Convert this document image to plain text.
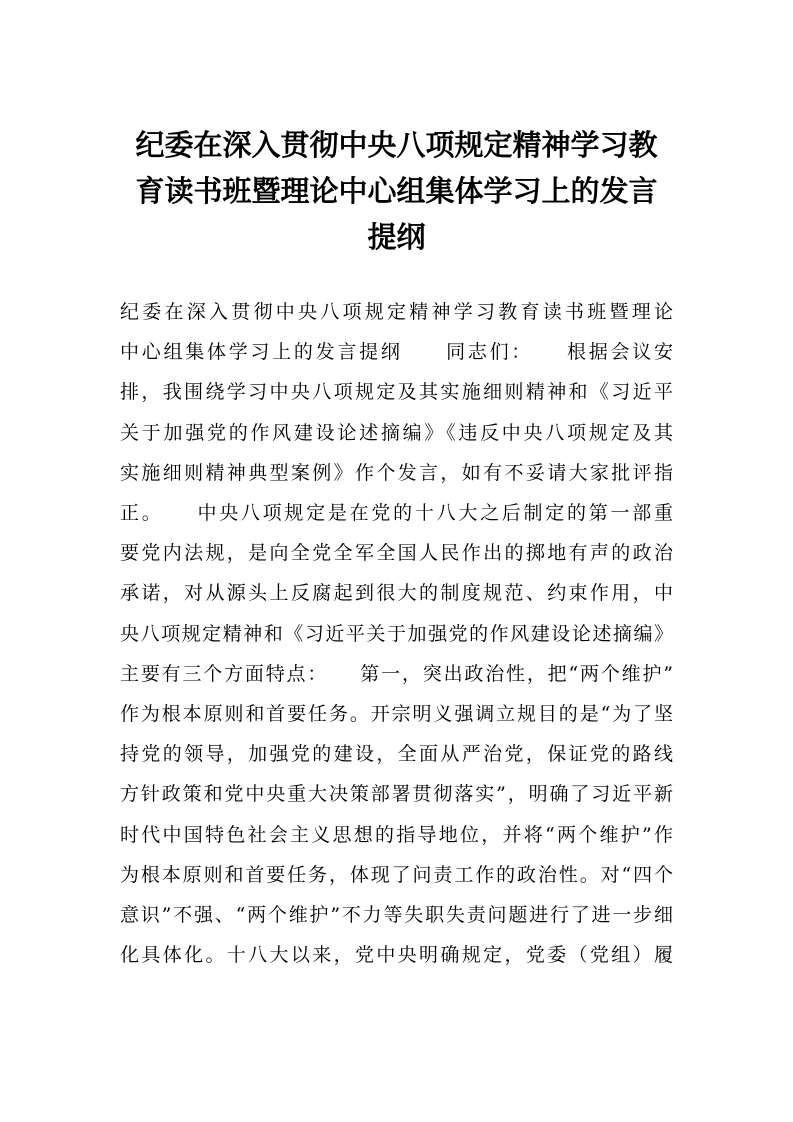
纪委在深入贯彻中央八项规定精神学习教
育读书班暨理论中心组集体学习上的发言
提纲
纪委在深入贯彻中央八项规定精神学习教育读书班暨理论
中心组集体学习上的发言提纲　　同志们：　　根据会议安
排，我围绕学习中央八项规定及其实施细则精神和《习近平
关于加强党的作风建设论述摘编》《违反中央八项规定及其
实施细则精神典型案例》作个发言，如有不妥请大家批评指
正。　　中央八项规定是在党的十八大之后制定的第一部重
要党内法规，是向全党全军全国人民作出的掷地有声的政治
承诺，对从源头上反腐起到很大的制度规范、约束作用，中
央八项规定精神和《习近平关于加强党的作风建设论述摘编》
主要有三个方面特点：　　第一，突出政治性，把“两个维护”
作为根本原则和首要任务。开宗明义强调立规目的是“为了坚
持党的领导，加强党的建设，全面从严治党，保证党的路线
方针政策和党中央重大决策部署贯彻落实”，明确了习近平新
时代中国特色社会主义思想的指导地位，并将“两个维护”作
为根本原则和首要任务，体现了问责工作的政治性。对“四个
意识”不强、“两个维护”不力等失职失责问题进行了进一步细
化具体化。十八大以来，党中央明确规定，党委（党组）履
